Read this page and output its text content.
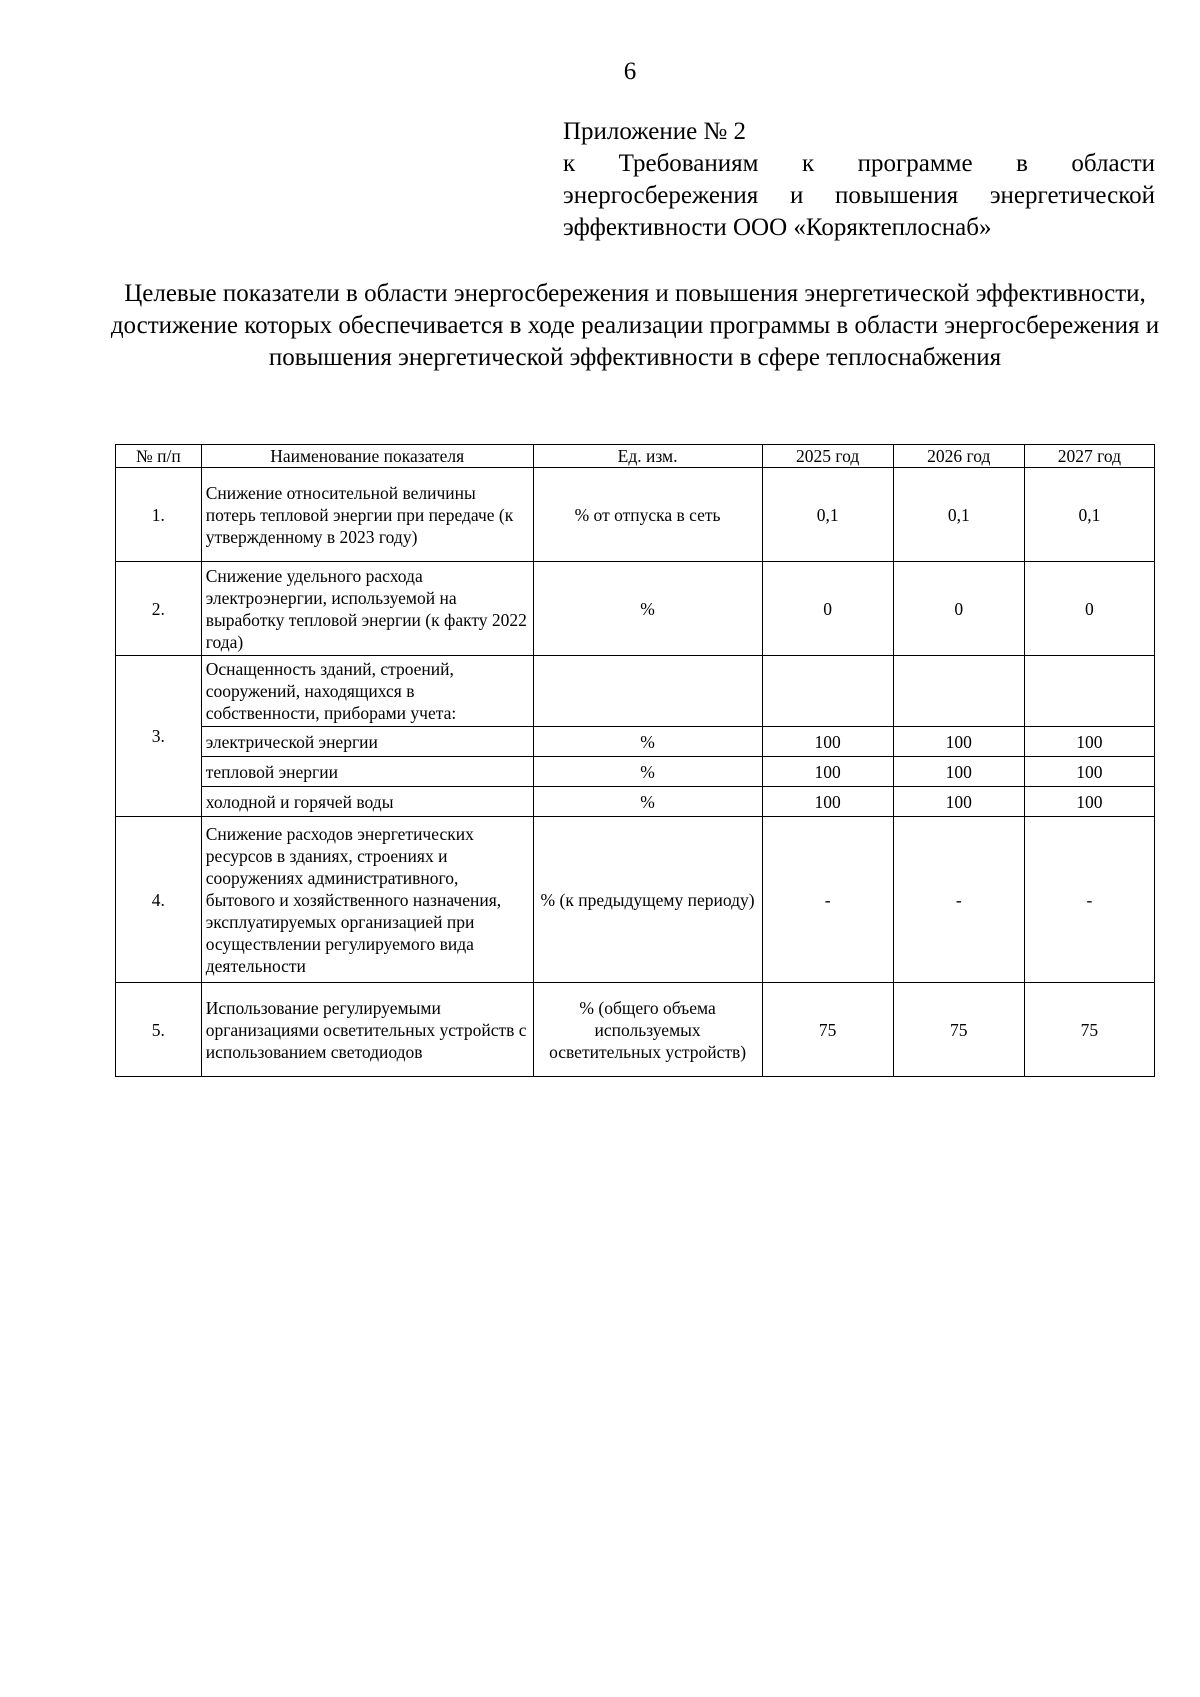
6
Приложение № 2
к Требованиям к программе в области энергосбережения и повышения энергетической эффективности ООО «Коряктеплоснаб»
Целевые показатели в области энергосбережения и повышения энергетической эффективности, достижение которых обеспечивается в ходе реализации программы в области энергосбережения и повышения энергетической эффективности в сфере теплоснабжения
№ п/п	Наименование показателя	Ед. изм.	2025 год	2026 год	2027 год
1.	Снижение относительной величины потерь тепловой энергии при передаче (к утвержденному в 2023 году)	% от отпуска в сеть	0,1	0,1	0,1
2.	Снижение удельного расхода электроэнергии, используемой на выработку тепловой энергии (к факту 2022 года)	%	0	0	0
3.	Оснащенность зданий, строений, сооружений, находящихся в собственности, приборами учета:				
	электрической энергии	%	100	100	100
	тепловой энергии	%	100	100	100
	холодной и горячей воды	%	100	100	100
4.	Снижение расходов энергетических ресурсов в зданиях, строениях и сооружениях административного, бытового и хозяйственного назначения, эксплуатируемых организацией при осуществлении регулируемого вида деятельности	% (к предыдущему периоду)	-	-	-
5.	Использование регулируемыми организациями осветительных устройств с использованием светодиодов	% (общего объема используемых осветительных устройств)	75	75	75
